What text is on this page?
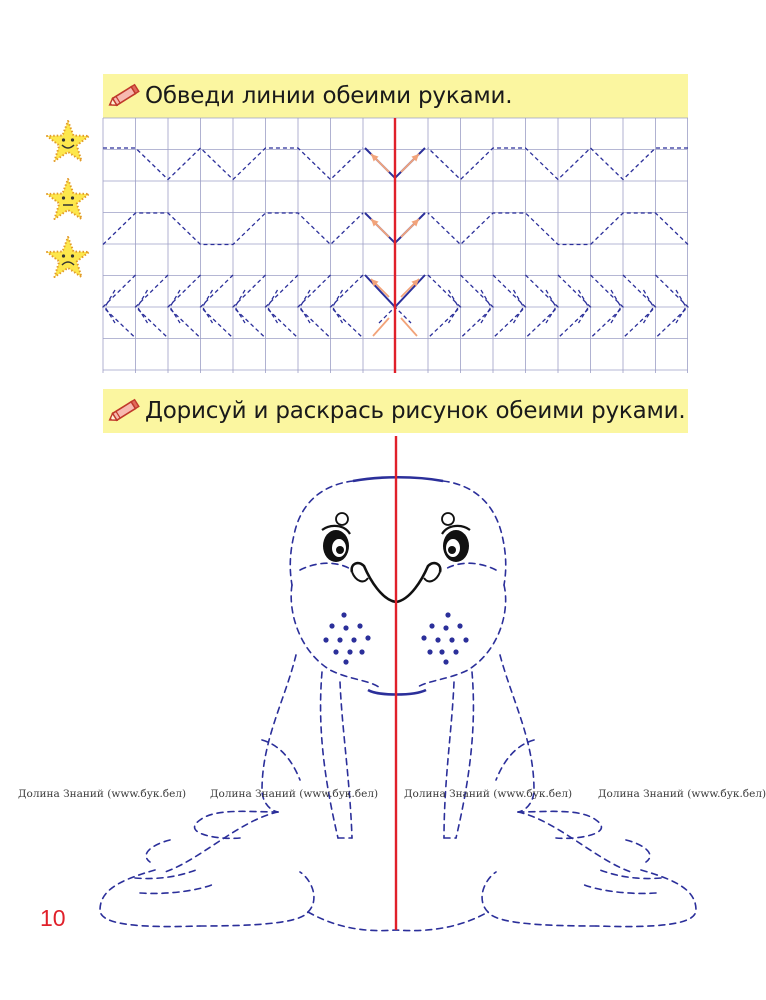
Обведи линии обеими руками.
Дорисуй и раскрась рисунок обеими руками.
Долина Знаний (www.бук.бел) Долина Знаний (www.бук.бел) Долина Знаний (www.бук.бел) Долина Знаний (www.бук.бел)
10
